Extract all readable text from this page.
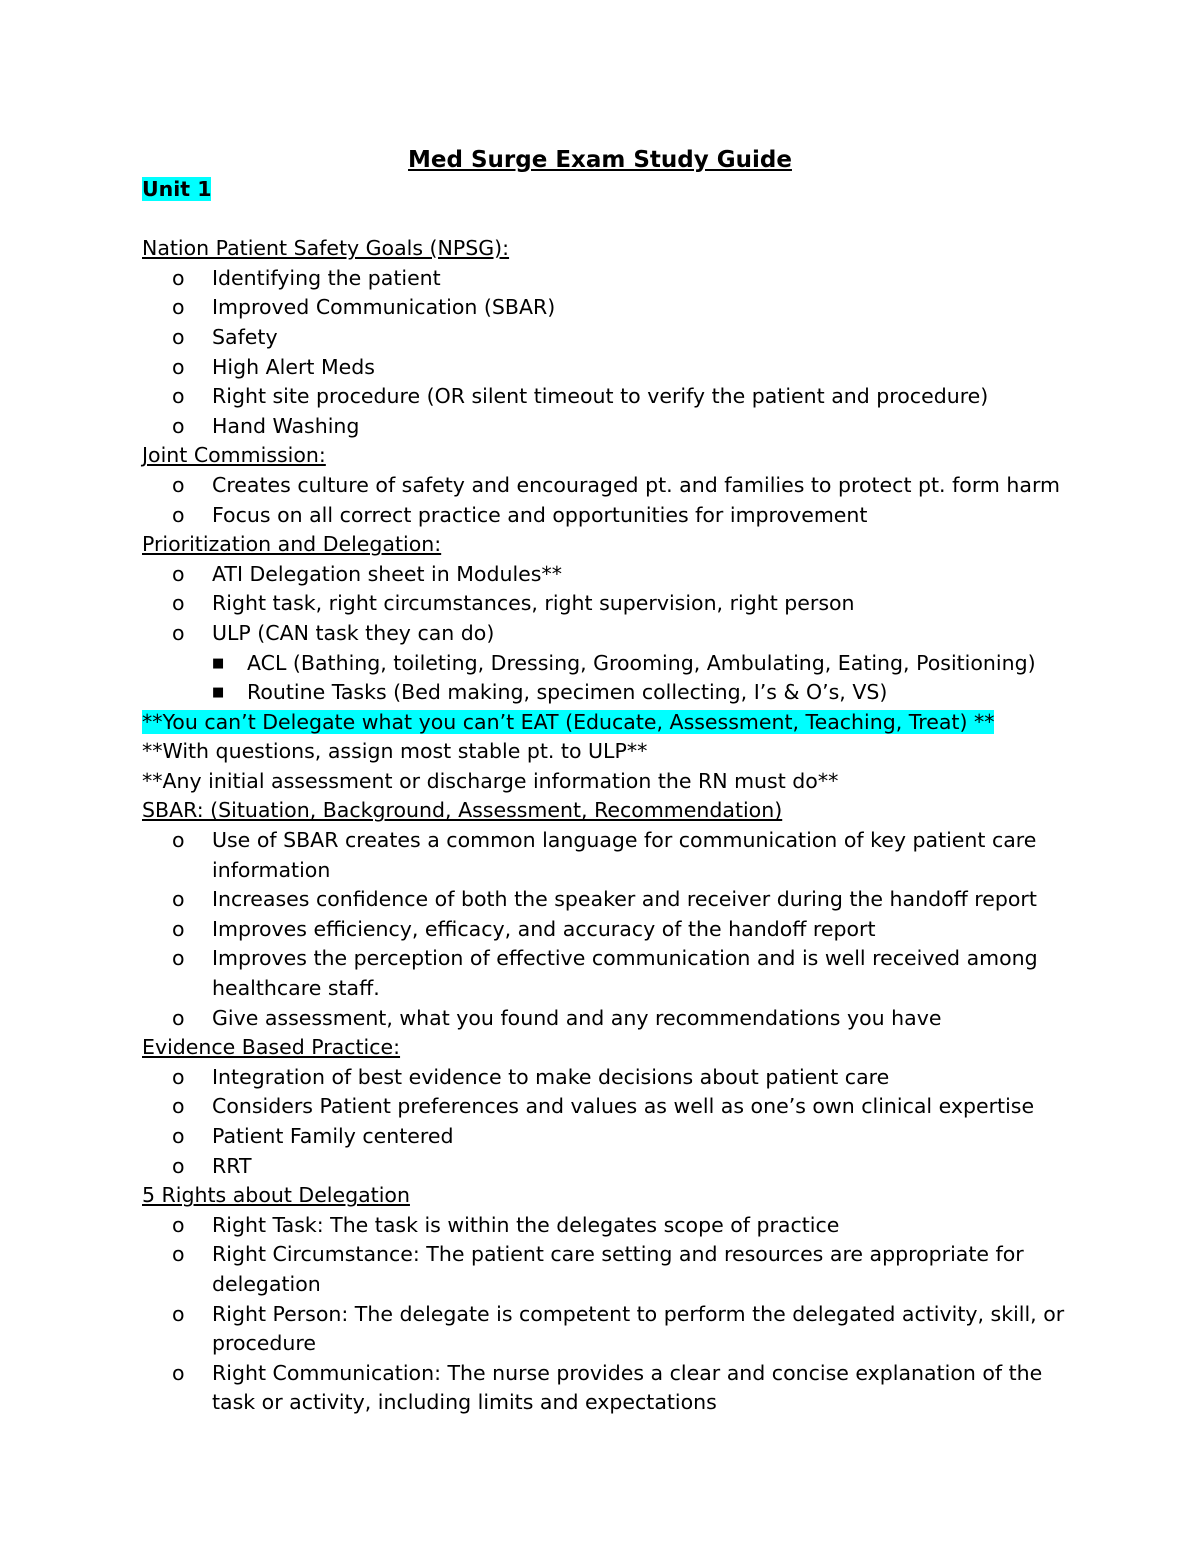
Med Surge Exam Study Guide
Unit 1
Nation Patient Safety Goals (NPSG):
o Identifying the patient
o Improved Communication (SBAR)
o Safety
o High Alert Meds
o Right site procedure (OR silent timeout to verify the patient and procedure)
o Hand Washing
Joint Commission:
o Creates culture of safety and encouraged pt. and families to protect pt. form harm
o Focus on all correct practice and opportunities for improvement
Prioritization and Delegation:
o ATI Delegation sheet in Modules**
o Right task, right circumstances, right supervision, right person
o ULP (CAN task they can do)
■ ACL (Bathing, toileting, Dressing, Grooming, Ambulating, Eating, Positioning)
■ Routine Tasks (Bed making, specimen collecting, I’s & O’s, VS)
**You can’t Delegate what you can’t EAT (Educate, Assessment, Teaching, Treat) **
**With questions, assign most stable pt. to ULP**
**Any initial assessment or discharge information the RN must do**
SBAR: (Situation, Background, Assessment, Recommendation)
o Use of SBAR creates a common language for communication of key patient care information
o Increases confidence of both the speaker and receiver during the handoff report
o Improves efficiency, efficacy, and accuracy of the handoff report
o Improves the perception of effective communication and is well received among healthcare staff.
o Give assessment, what you found and any recommendations you have
Evidence Based Practice:
o Integration of best evidence to make decisions about patient care
o Considers Patient preferences and values as well as one’s own clinical expertise
o Patient Family centered
o RRT
5 Rights about Delegation
o Right Task: The task is within the delegates scope of practice
o Right Circumstance: The patient care setting and resources are appropriate for delegation
o Right Person: The delegate is competent to perform the delegated activity, skill, or procedure
o Right Communication: The nurse provides a clear and concise explanation of the task or activity, including limits and expectations
